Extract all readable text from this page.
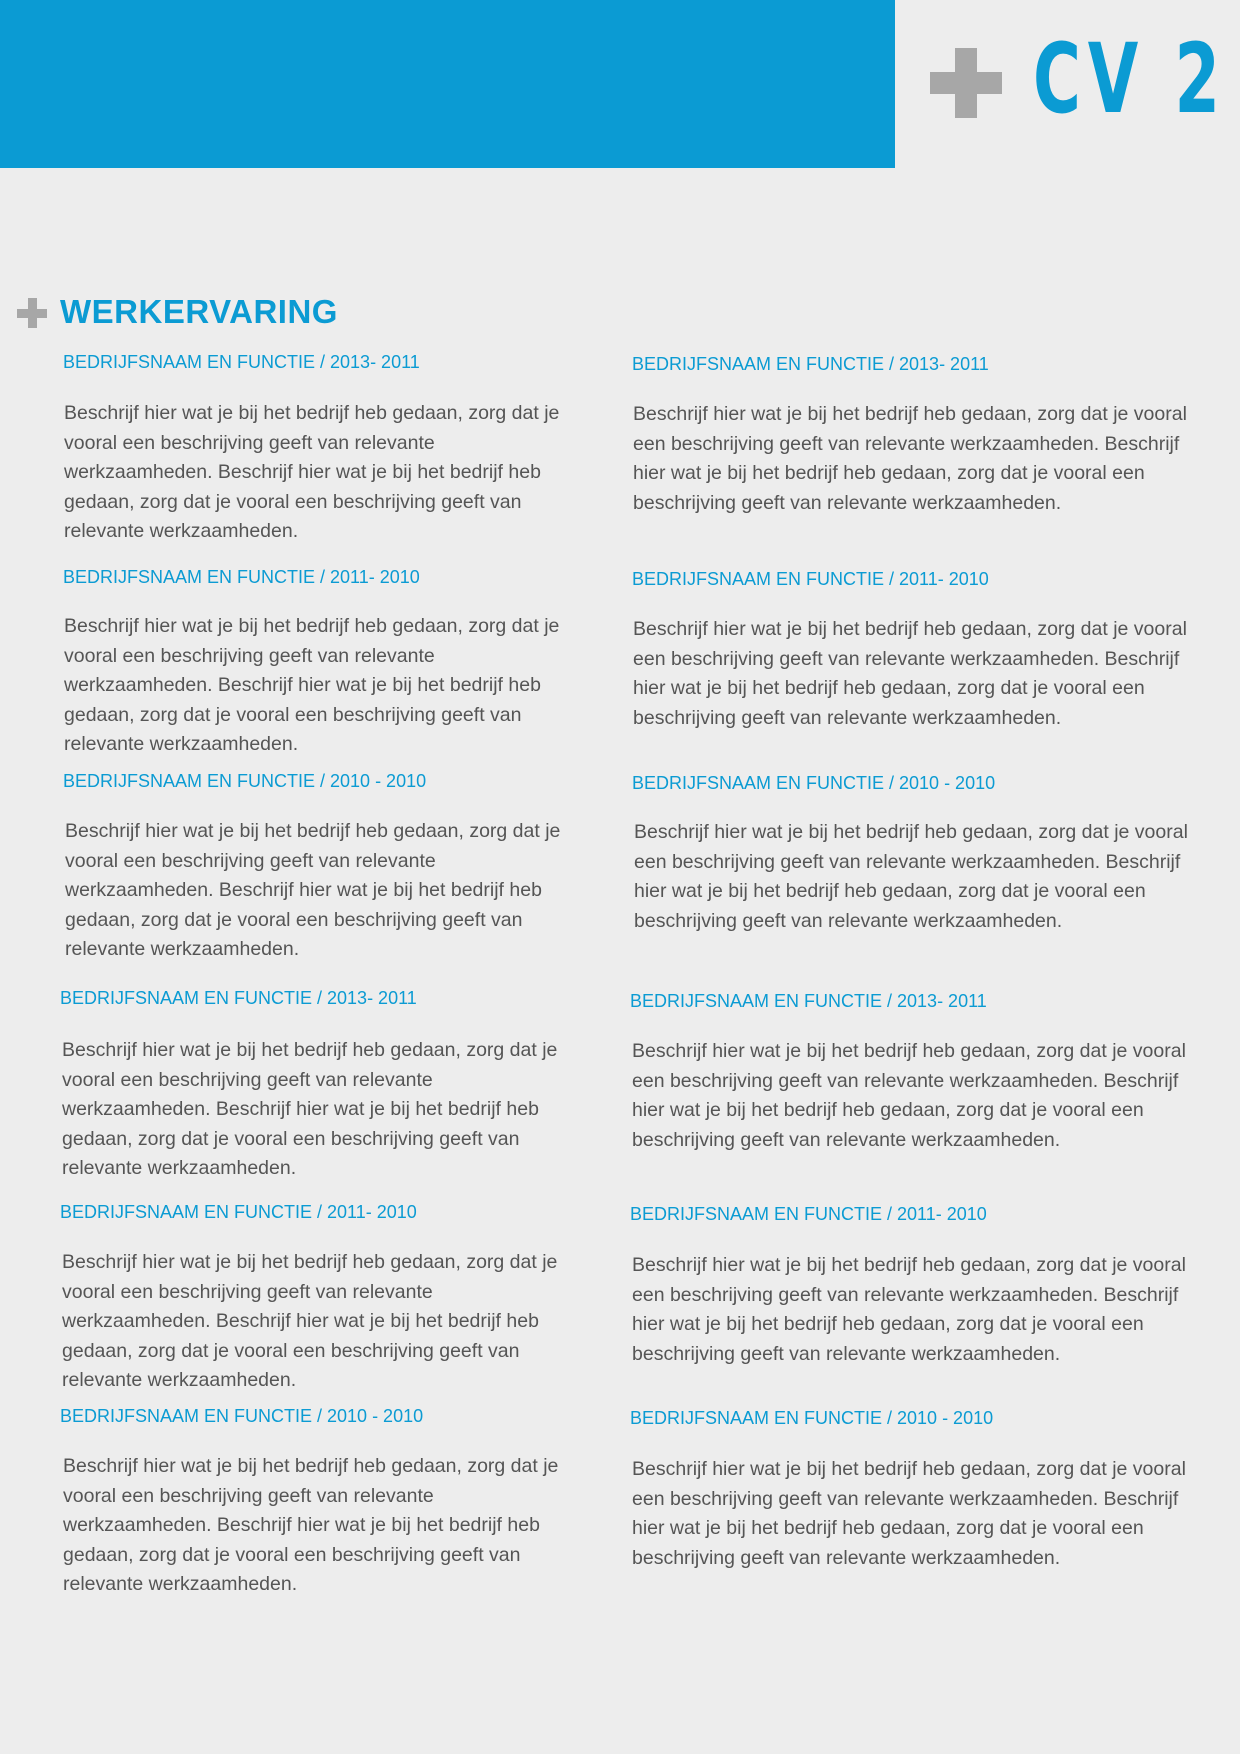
CV 2
WERKERVARING

BEDRIJFSNAAM EN FUNCTIE / 2013- 2011

Beschrijf hier wat je bij het bedrijf heb gedaan, zorg dat je vooral een beschrijving geeft van relevante werkzaamheden. Beschrijf hier wat je bij het bedrijf heb gedaan, zorg dat je vooral een beschrijving geeft van relevante werkzaamheden.

BEDRIJFSNAAM EN FUNCTIE / 2011- 2010

Beschrijf hier wat je bij het bedrijf heb gedaan, zorg dat je vooral een beschrijving geeft van relevante werkzaamheden. Beschrijf hier wat je bij het bedrijf heb gedaan, zorg dat je vooral een beschrijving geeft van relevante werkzaamheden.

BEDRIJFSNAAM EN FUNCTIE / 2010 - 2010

Beschrijf hier wat je bij het bedrijf heb gedaan, zorg dat je vooral een beschrijving geeft van relevante werkzaamheden. Beschrijf hier wat je bij het bedrijf heb gedaan, zorg dat je vooral een beschrijving geeft van relevante werkzaamheden.

BEDRIJFSNAAM EN FUNCTIE / 2013- 2011

Beschrijf hier wat je bij het bedrijf heb gedaan, zorg dat je vooral een beschrijving geeft van relevante werkzaamheden. Beschrijf hier wat je bij het bedrijf heb gedaan, zorg dat je vooral een beschrijving geeft van relevante werkzaamheden.

BEDRIJFSNAAM EN FUNCTIE / 2011- 2010

Beschrijf hier wat je bij het bedrijf heb gedaan, zorg dat je vooral een beschrijving geeft van relevante werkzaamheden. Beschrijf hier wat je bij het bedrijf heb gedaan, zorg dat je vooral een beschrijving geeft van relevante werkzaamheden.

BEDRIJFSNAAM EN FUNCTIE / 2010 - 2010

Beschrijf hier wat je bij het bedrijf heb gedaan, zorg dat je vooral een beschrijving geeft van relevante werkzaamheden. Beschrijf hier wat je bij het bedrijf heb gedaan, zorg dat je vooral een beschrijving geeft van relevante werkzaamheden.

BEDRIJFSNAAM EN FUNCTIE / 2013- 2011

Beschrijf hier wat je bij het bedrijf heb gedaan, zorg dat je vooral een beschrijving geeft van relevante werkzaamheden. Beschrijf hier wat je bij het bedrijf heb gedaan, zorg dat je vooral een beschrijving geeft van relevante werkzaamheden.

BEDRIJFSNAAM EN FUNCTIE / 2011- 2010

Beschrijf hier wat je bij het bedrijf heb gedaan, zorg dat je vooral een beschrijving geeft van relevante werkzaamheden. Beschrijf hier wat je bij het bedrijf heb gedaan, zorg dat je vooral een beschrijving geeft van relevante werkzaamheden.

BEDRIJFSNAAM EN FUNCTIE / 2010 - 2010

Beschrijf hier wat je bij het bedrijf heb gedaan, zorg dat je vooral een beschrijving geeft van relevante werkzaamheden. Beschrijf hier wat je bij het bedrijf heb gedaan, zorg dat je vooral een beschrijving geeft van relevante werkzaamheden.

BEDRIJFSNAAM EN FUNCTIE / 2013- 2011

Beschrijf hier wat je bij het bedrijf heb gedaan, zorg dat je vooral een beschrijving geeft van relevante werkzaamheden. Beschrijf hier wat je bij het bedrijf heb gedaan, zorg dat je vooral een beschrijving geeft van relevante werkzaamheden.

BEDRIJFSNAAM EN FUNCTIE / 2011- 2010

Beschrijf hier wat je bij het bedrijf heb gedaan, zorg dat je vooral een beschrijving geeft van relevante werkzaamheden. Beschrijf hier wat je bij het bedrijf heb gedaan, zorg dat je vooral een beschrijving geeft van relevante werkzaamheden.

BEDRIJFSNAAM EN FUNCTIE / 2010 - 2010

Beschrijf hier wat je bij het bedrijf heb gedaan, zorg dat je vooral een beschrijving geeft van relevante werkzaamheden. Beschrijf hier wat je bij het bedrijf heb gedaan, zorg dat je vooral een beschrijving geeft van relevante werkzaamheden.
